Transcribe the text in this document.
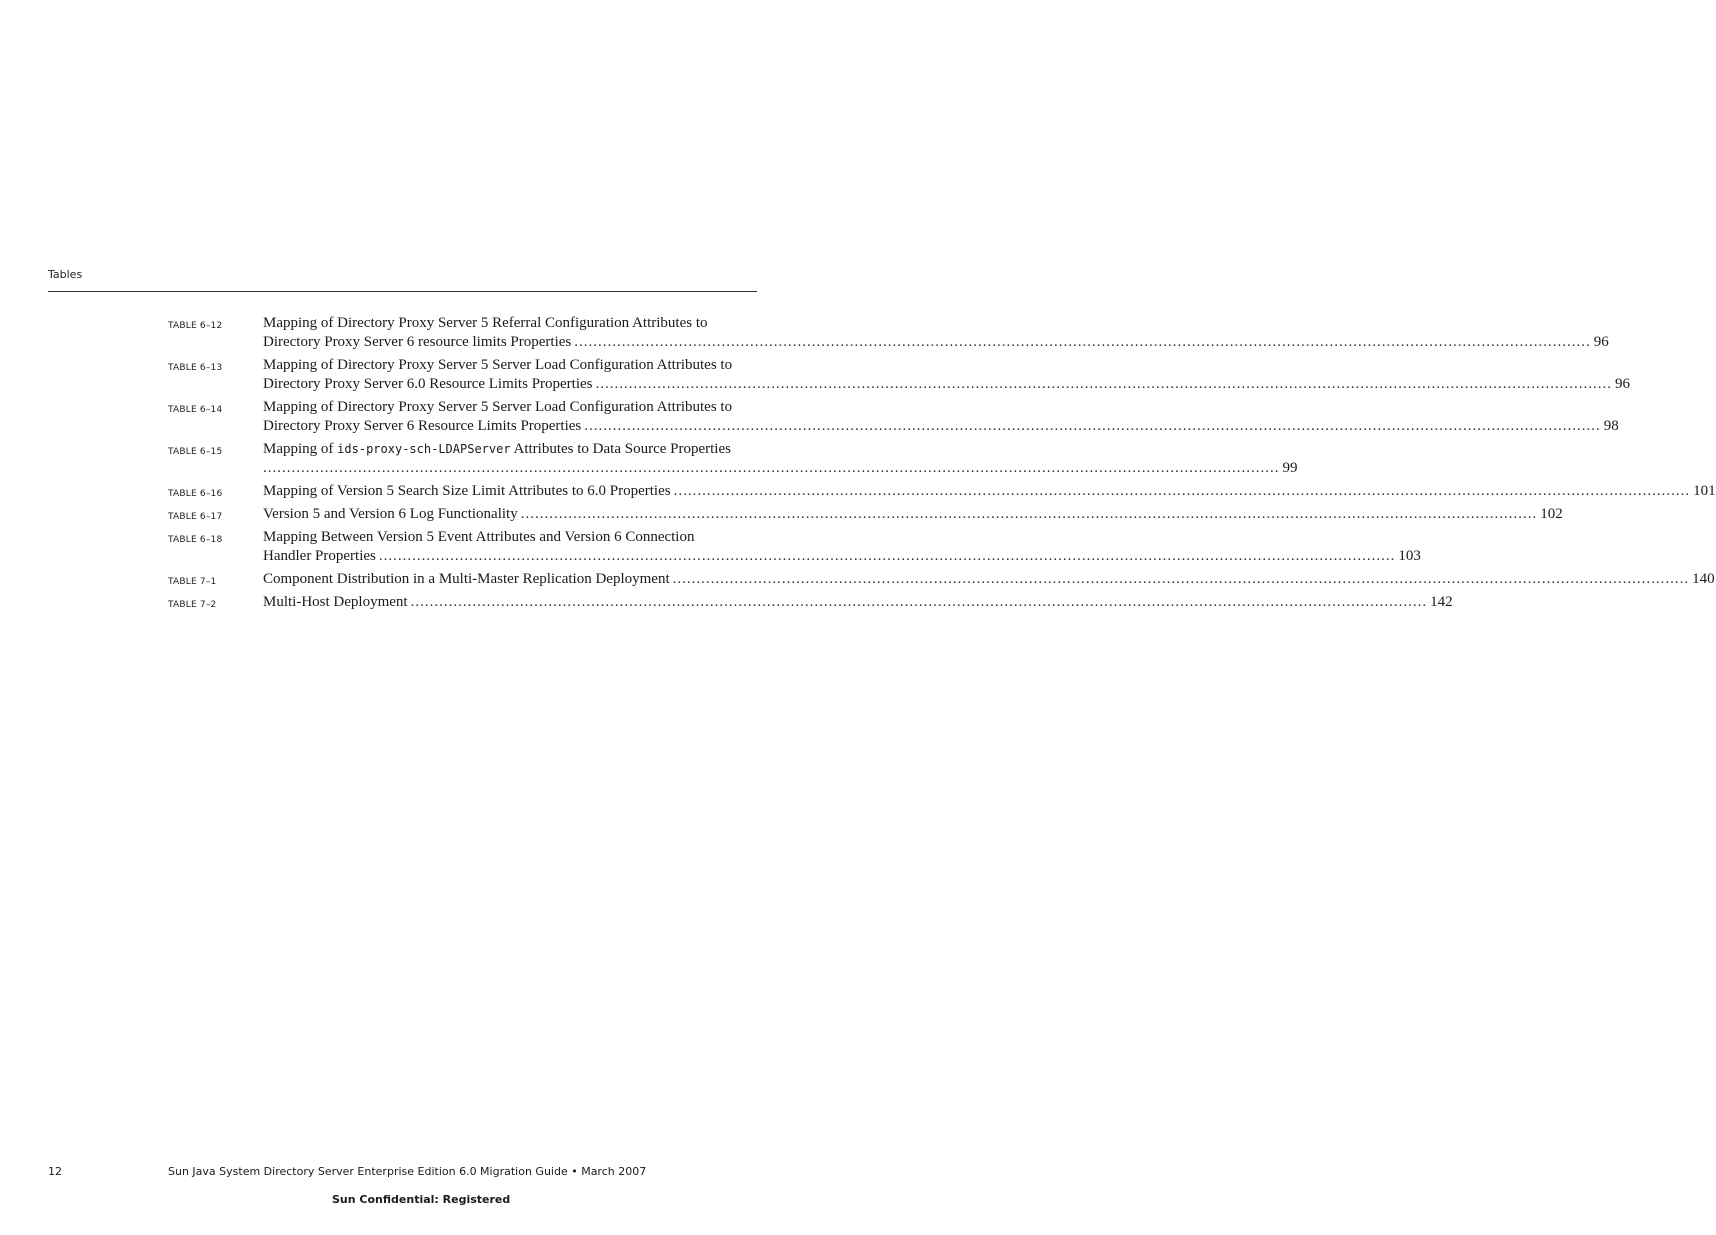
Tables
TABLE 6–12	Mapping of Directory Proxy Server 5 Referral Configuration Attributes to
Directory Proxy Server 6 resource limits Properties .....	96
TABLE 6–13	Mapping of Directory Proxy Server 5 Server Load Configuration Attributes to
Directory Proxy Server 6.0 Resource Limits Properties .....	96
TABLE 6–14	Mapping of Directory Proxy Server 5 Server Load Configuration Attributes to
Directory Proxy Server 6 Resource Limits Properties .....	98
TABLE 6–15	Mapping of ids-proxy-sch-LDAPServer Attributes to Data Source Properties
.....
99
TABLE 6–16	Mapping of Version 5 Search Size Limit Attributes to 6.0 Properties .....	101
TABLE 6–17	Version 5 and Version 6 Log Functionality .....	102
TABLE 6–18	Mapping Between Version 5 Event Attributes and Version 6 Connection
Handler Properties .....	103
TABLE 7–1	Component Distribution in a Multi-Master Replication Deployment .....	140
TABLE 7–2	Multi-Host Deployment .....	142
12	Sun Java System Directory Server Enterprise Edition 6.0 Migration Guide • March 2007
Sun Confidential: Registered
